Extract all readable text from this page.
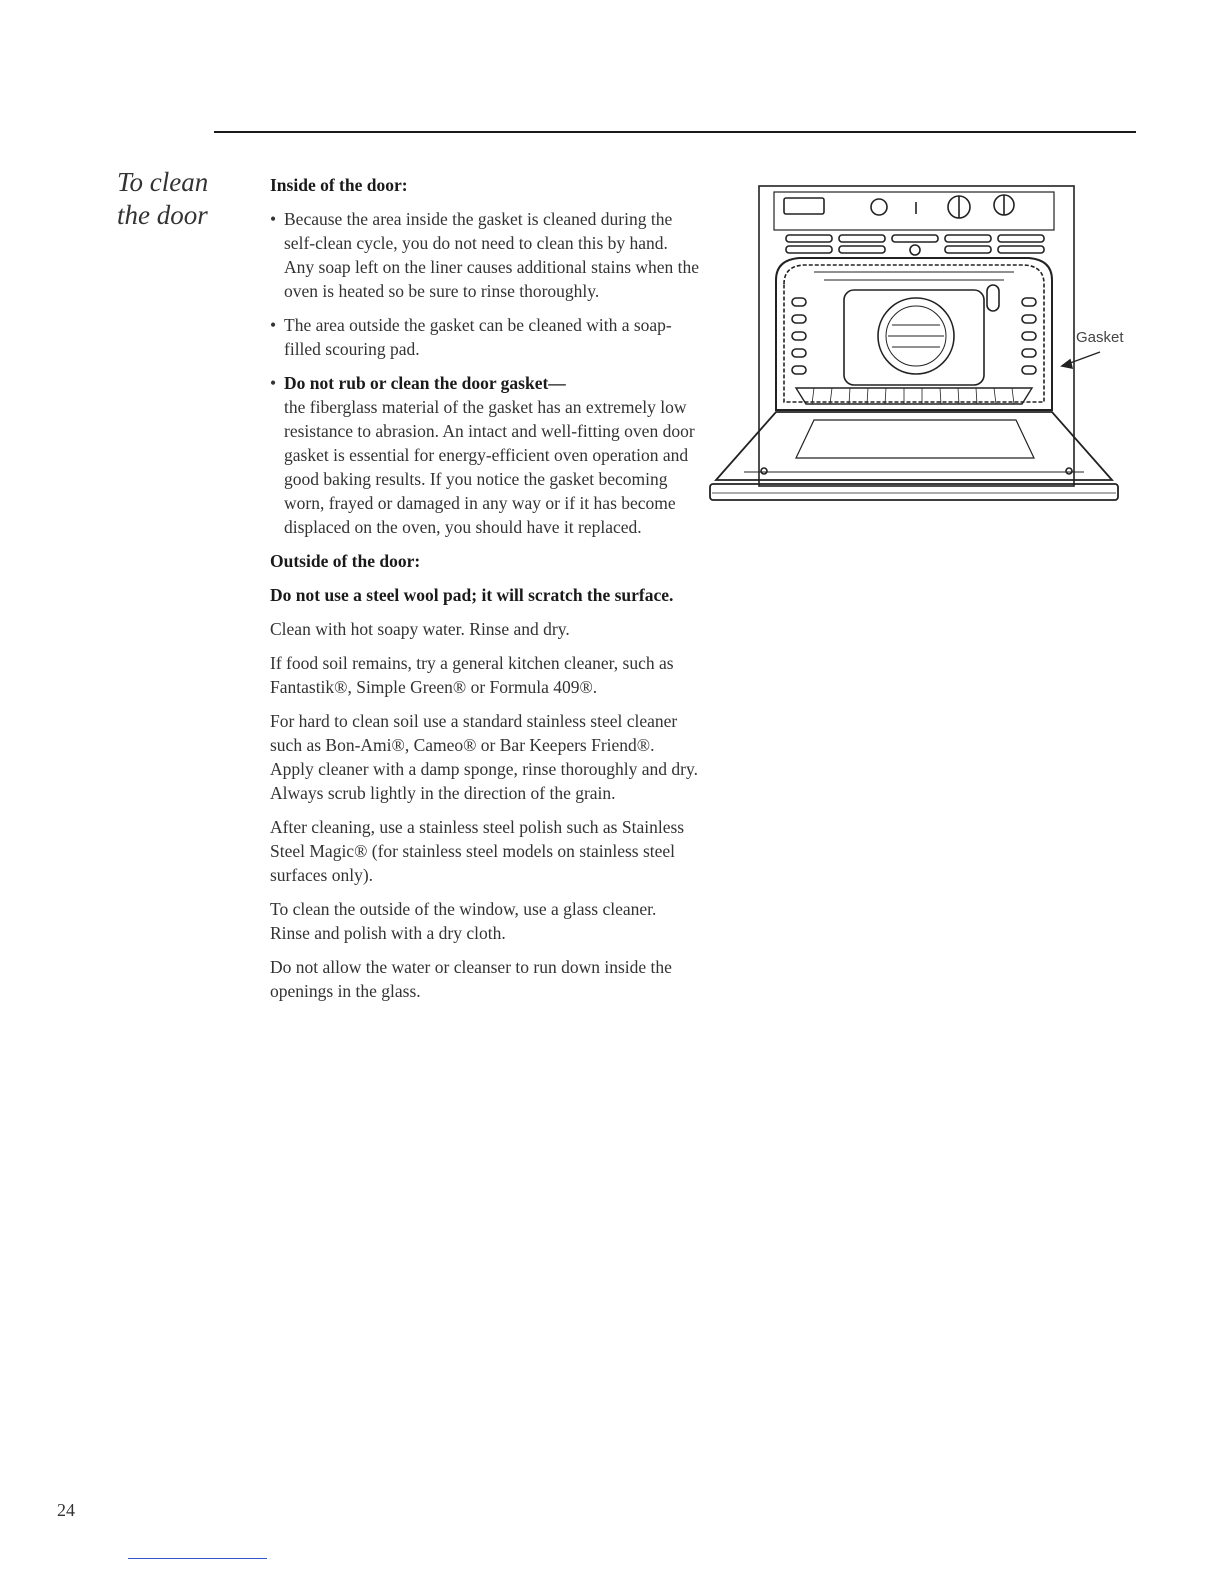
To clean
the door

Inside of the door:

• Because the area inside the gasket is cleaned during the self-clean cycle, you do not need to clean this by hand. Any soap left on the liner causes additional stains when the oven is heated so be sure to rinse thoroughly.

• The area outside the gasket can be cleaned with a soap-filled scouring pad.

• Do not rub or clean the door gasket—
the fiberglass material of the gasket has an extremely low resistance to abrasion. An intact and well-fitting oven door gasket is essential for energy-efficient oven operation and good baking results. If you notice the gasket becoming worn, frayed or damaged in any way or if it has become displaced on the oven, you should have it replaced.

Outside of the door:

Do not use a steel wool pad; it will scratch the surface.

Clean with hot soapy water. Rinse and dry.

If food soil remains, try a general kitchen cleaner, such as Fantastik®, Simple Green® or Formula 409®.

For hard to clean soil use a standard stainless steel cleaner such as Bon-Ami®, Cameo® or Bar Keepers Friend®. Apply cleaner with a damp sponge, rinse thoroughly and dry. Always scrub lightly in the direction of the grain.

After cleaning, use a stainless steel polish such as Stainless Steel Magic® (for stainless steel models on stainless steel surfaces only).

To clean the outside of the window, use a glass cleaner. Rinse and polish with a dry cloth.

Do not allow the water or cleanser to run down inside the openings in the glass.

Gasket
24
